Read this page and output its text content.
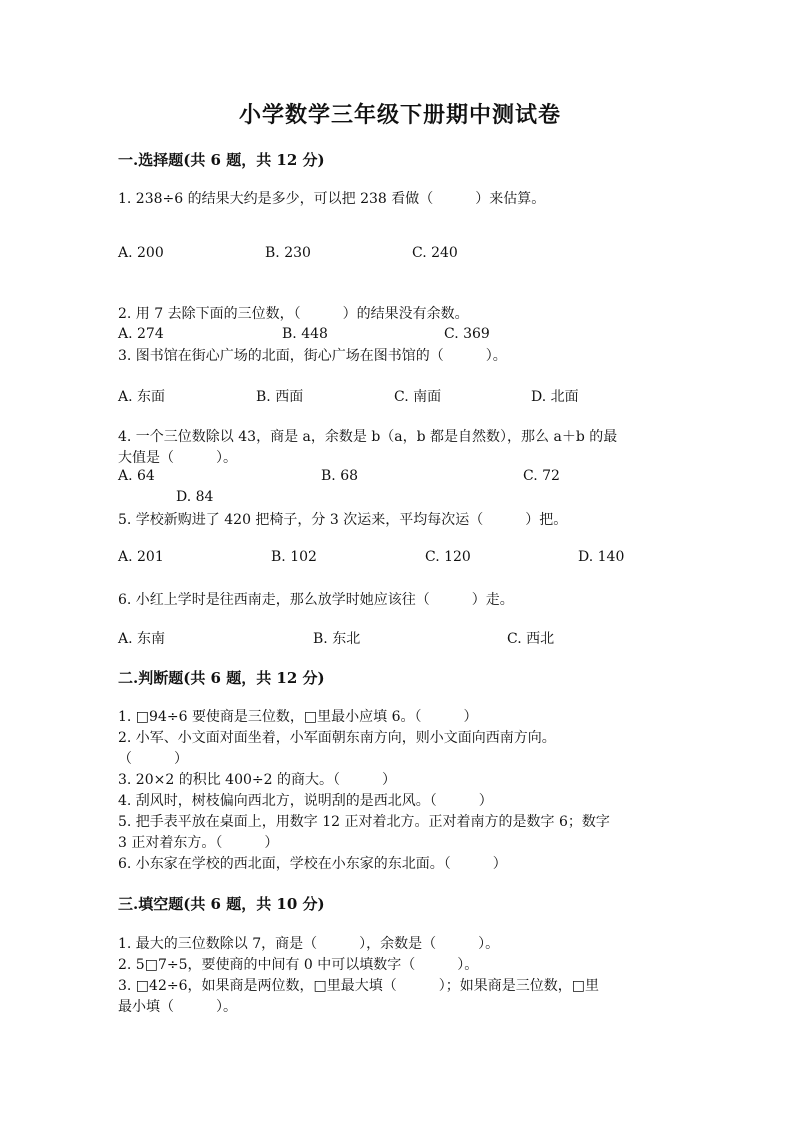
小学数学三年级下册期中测试卷
一.选择题(共 6 题，共 12 分)
1. 238÷6 的结果大约是多少，可以把 238 看做（　　　）来估算。
A. 200	B. 230	C. 240
2. 用 7 去除下面的三位数，（　　　）的结果没有余数。
A. 274	B. 448	C. 369
3. 图书馆在街心广场的北面，街心广场在图书馆的（　　　）。
A. 东面	B. 西面	C. 南面	D. 北面
4. 一个三位数除以 43，商是 a，余数是 b（a，b 都是自然数），那么 a＋b 的最
大值是（　　　）。
A. 64	B. 68	C. 72
D. 84
5. 学校新购进了 420 把椅子，分 3 次运来，平均每次运（　　　）把。
A. 201	B. 102	C. 120	D. 140
6. 小红上学时是往西南走，那么放学时她应该往（　　　）走。
A. 东南	B. 东北	C. 西北
二.判断题(共 6 题，共 12 分)
1. □94÷6 要使商是三位数，□里最小应填 6。（　　　）
2. 小军、小文面对面坐着，小军面朝东南方向，则小文面向西南方向。
（　　　）
3. 20×2 的积比 400÷2 的商大。（　　　）
4. 刮风时，树枝偏向西北方，说明刮的是西北风。（　　　）
5. 把手表平放在桌面上，用数字 12 正对着北方。正对着南方的是数字 6；数字
3 正对着东方。（　　　）
6. 小东家在学校的西北面，学校在小东家的东北面。（　　　）
三.填空题(共 6 题，共 10 分)
1. 最大的三位数除以 7，商是（　　　），余数是（　　　）。
2. 5□7÷5，要使商的中间有 0 中可以填数字（　　　）。
3. □42÷6，如果商是两位数，□里最大填（　　　）；如果商是三位数，□里
最小填（　　　）。
